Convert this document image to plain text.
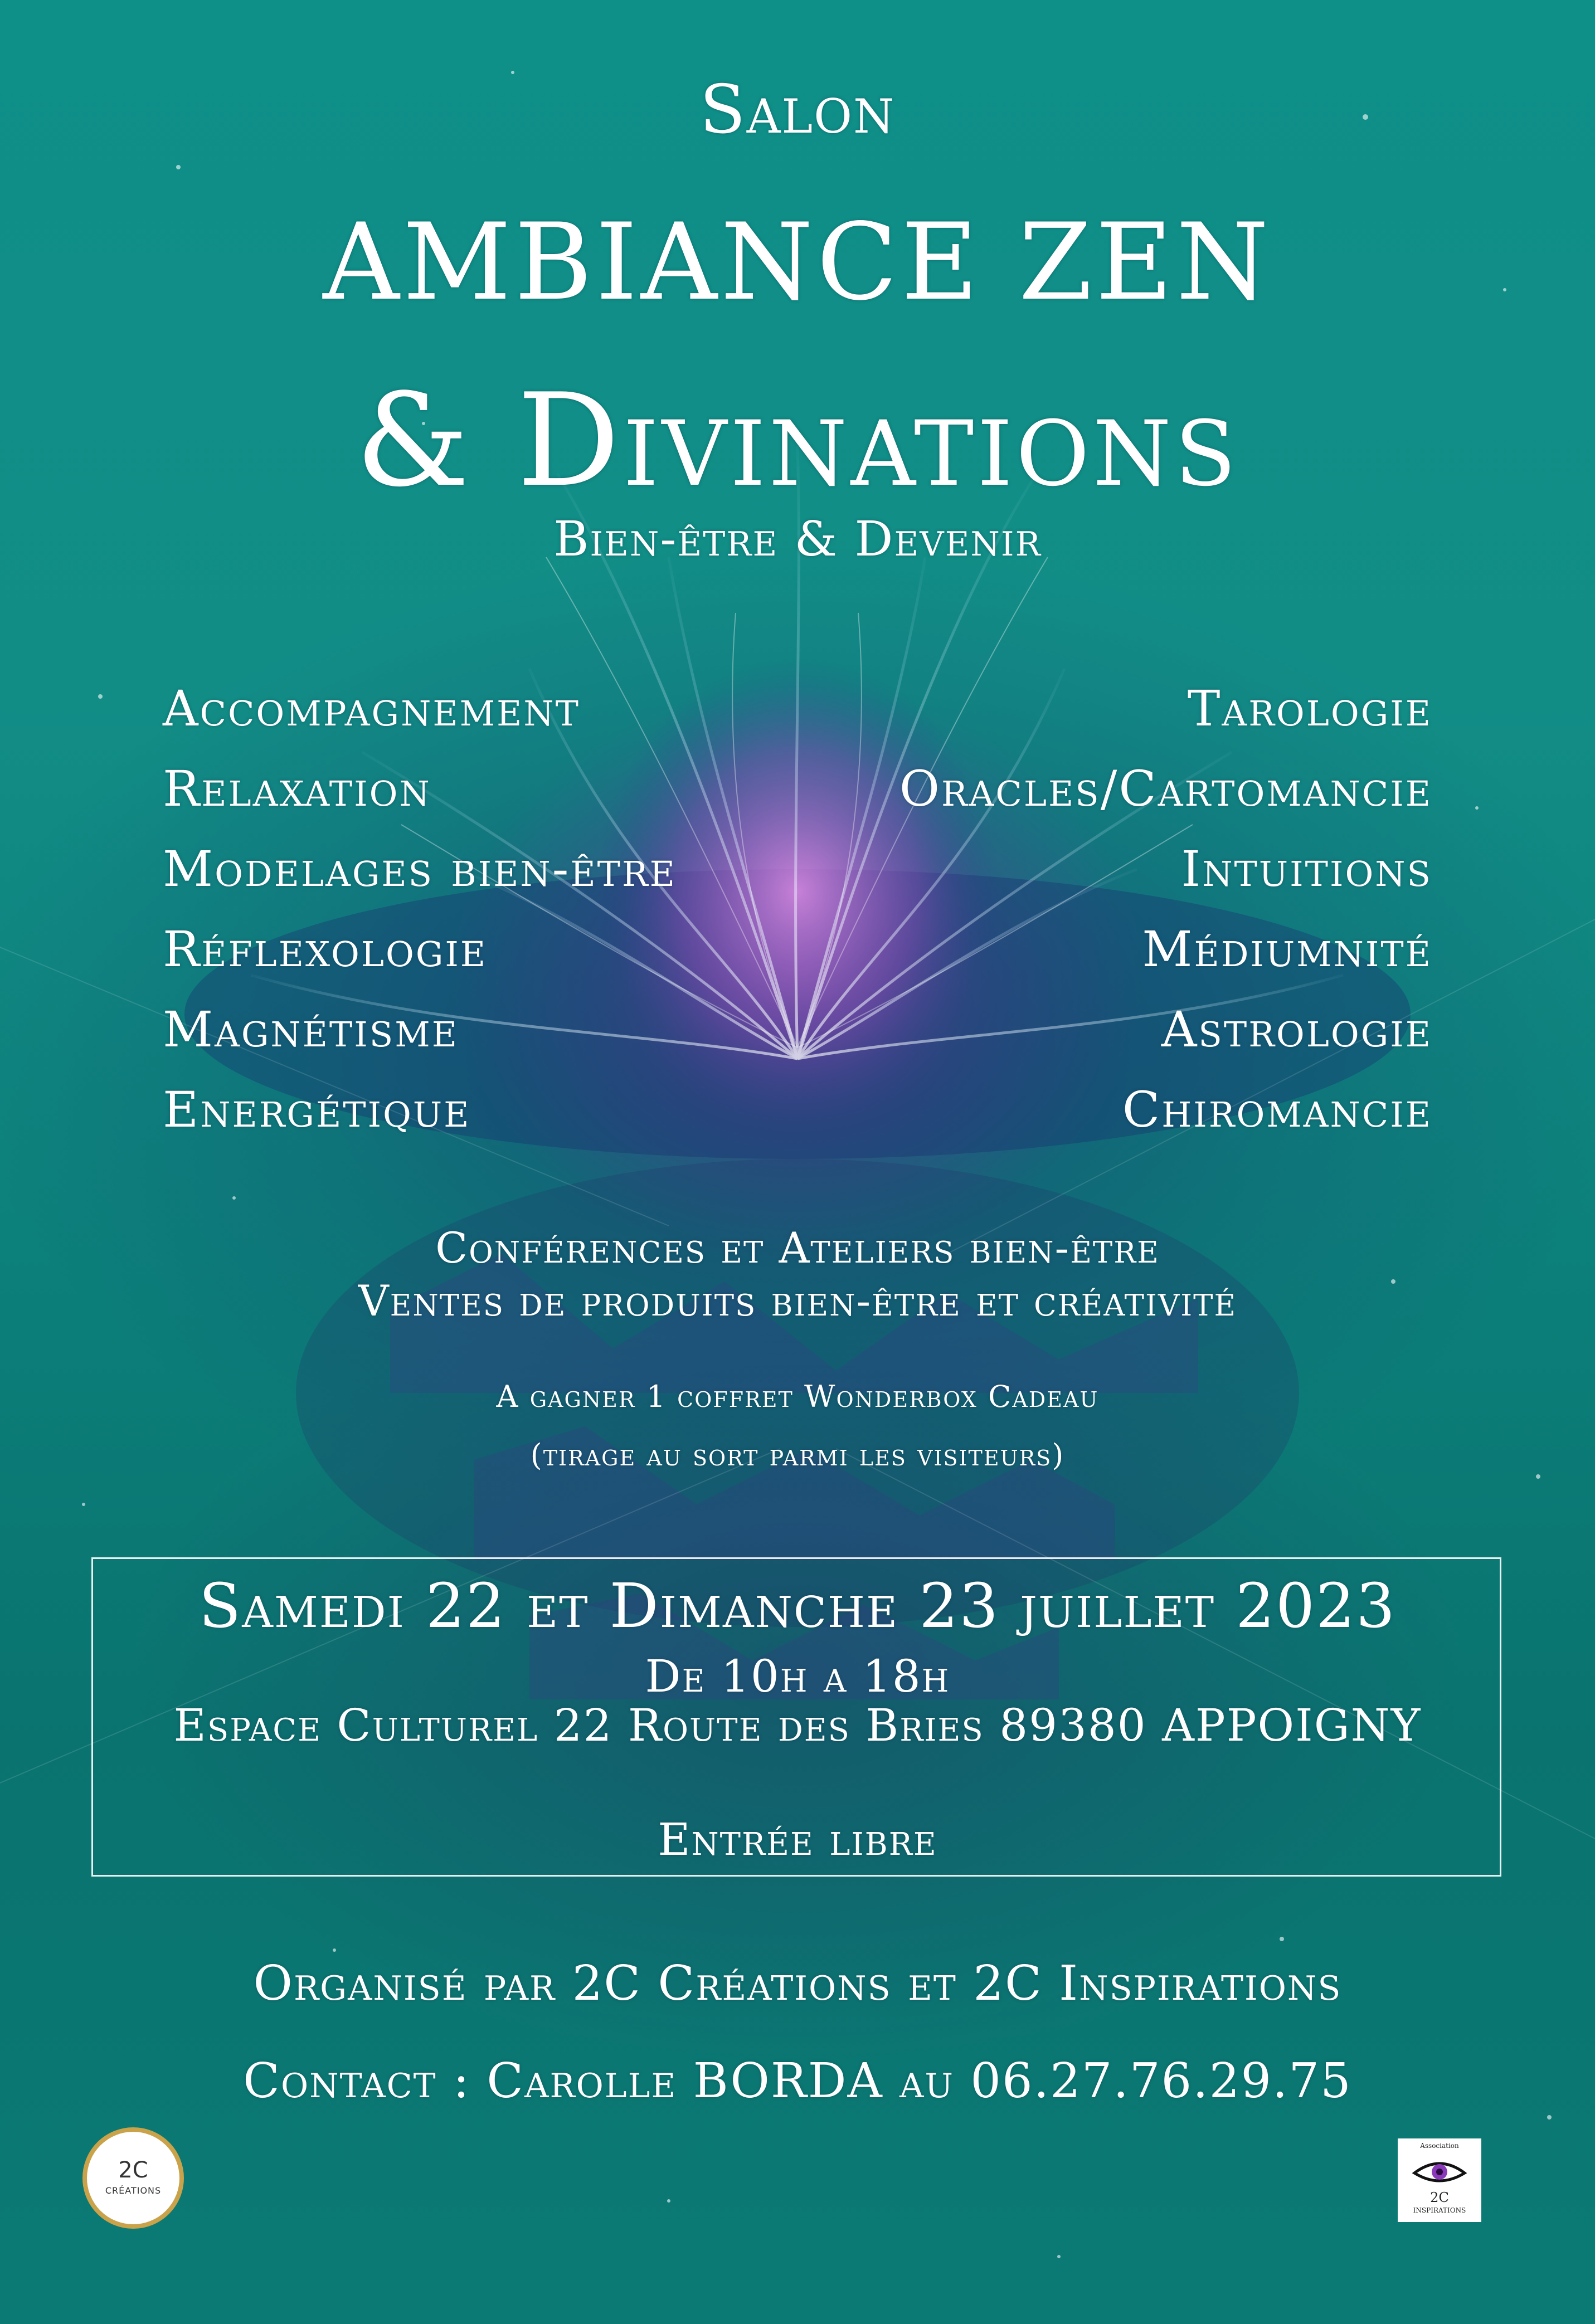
Salon
AMBIANCE ZEN
& Divinations
Bien-être & Devenir
Accompagnement
Relaxation
Modelages bien-être
Réflexologie
Magnétisme
Energétique
Tarologie
Oracles/Cartomancie
Intuitions
Médiumnité
Astrologie
Chiromancie
Conférences et Ateliers bien-être
Ventes de produits bien-être et créativité
A gagner 1 coffret Wonderbox Cadeau
(tirage au sort parmi les visiteurs)
Samedi 22 et Dimanche 23 juillet 2023
De 10h a 18h
Espace Culturel 22 Route des Bries 89380 APPOIGNY
Entrée libre
Organisé par 2C Créations et 2C Inspirations
Contact : Carolle BORDA au 06.27.76.29.75
2C
CRÉATIONS
Association
2C
INSPIRATIONS
